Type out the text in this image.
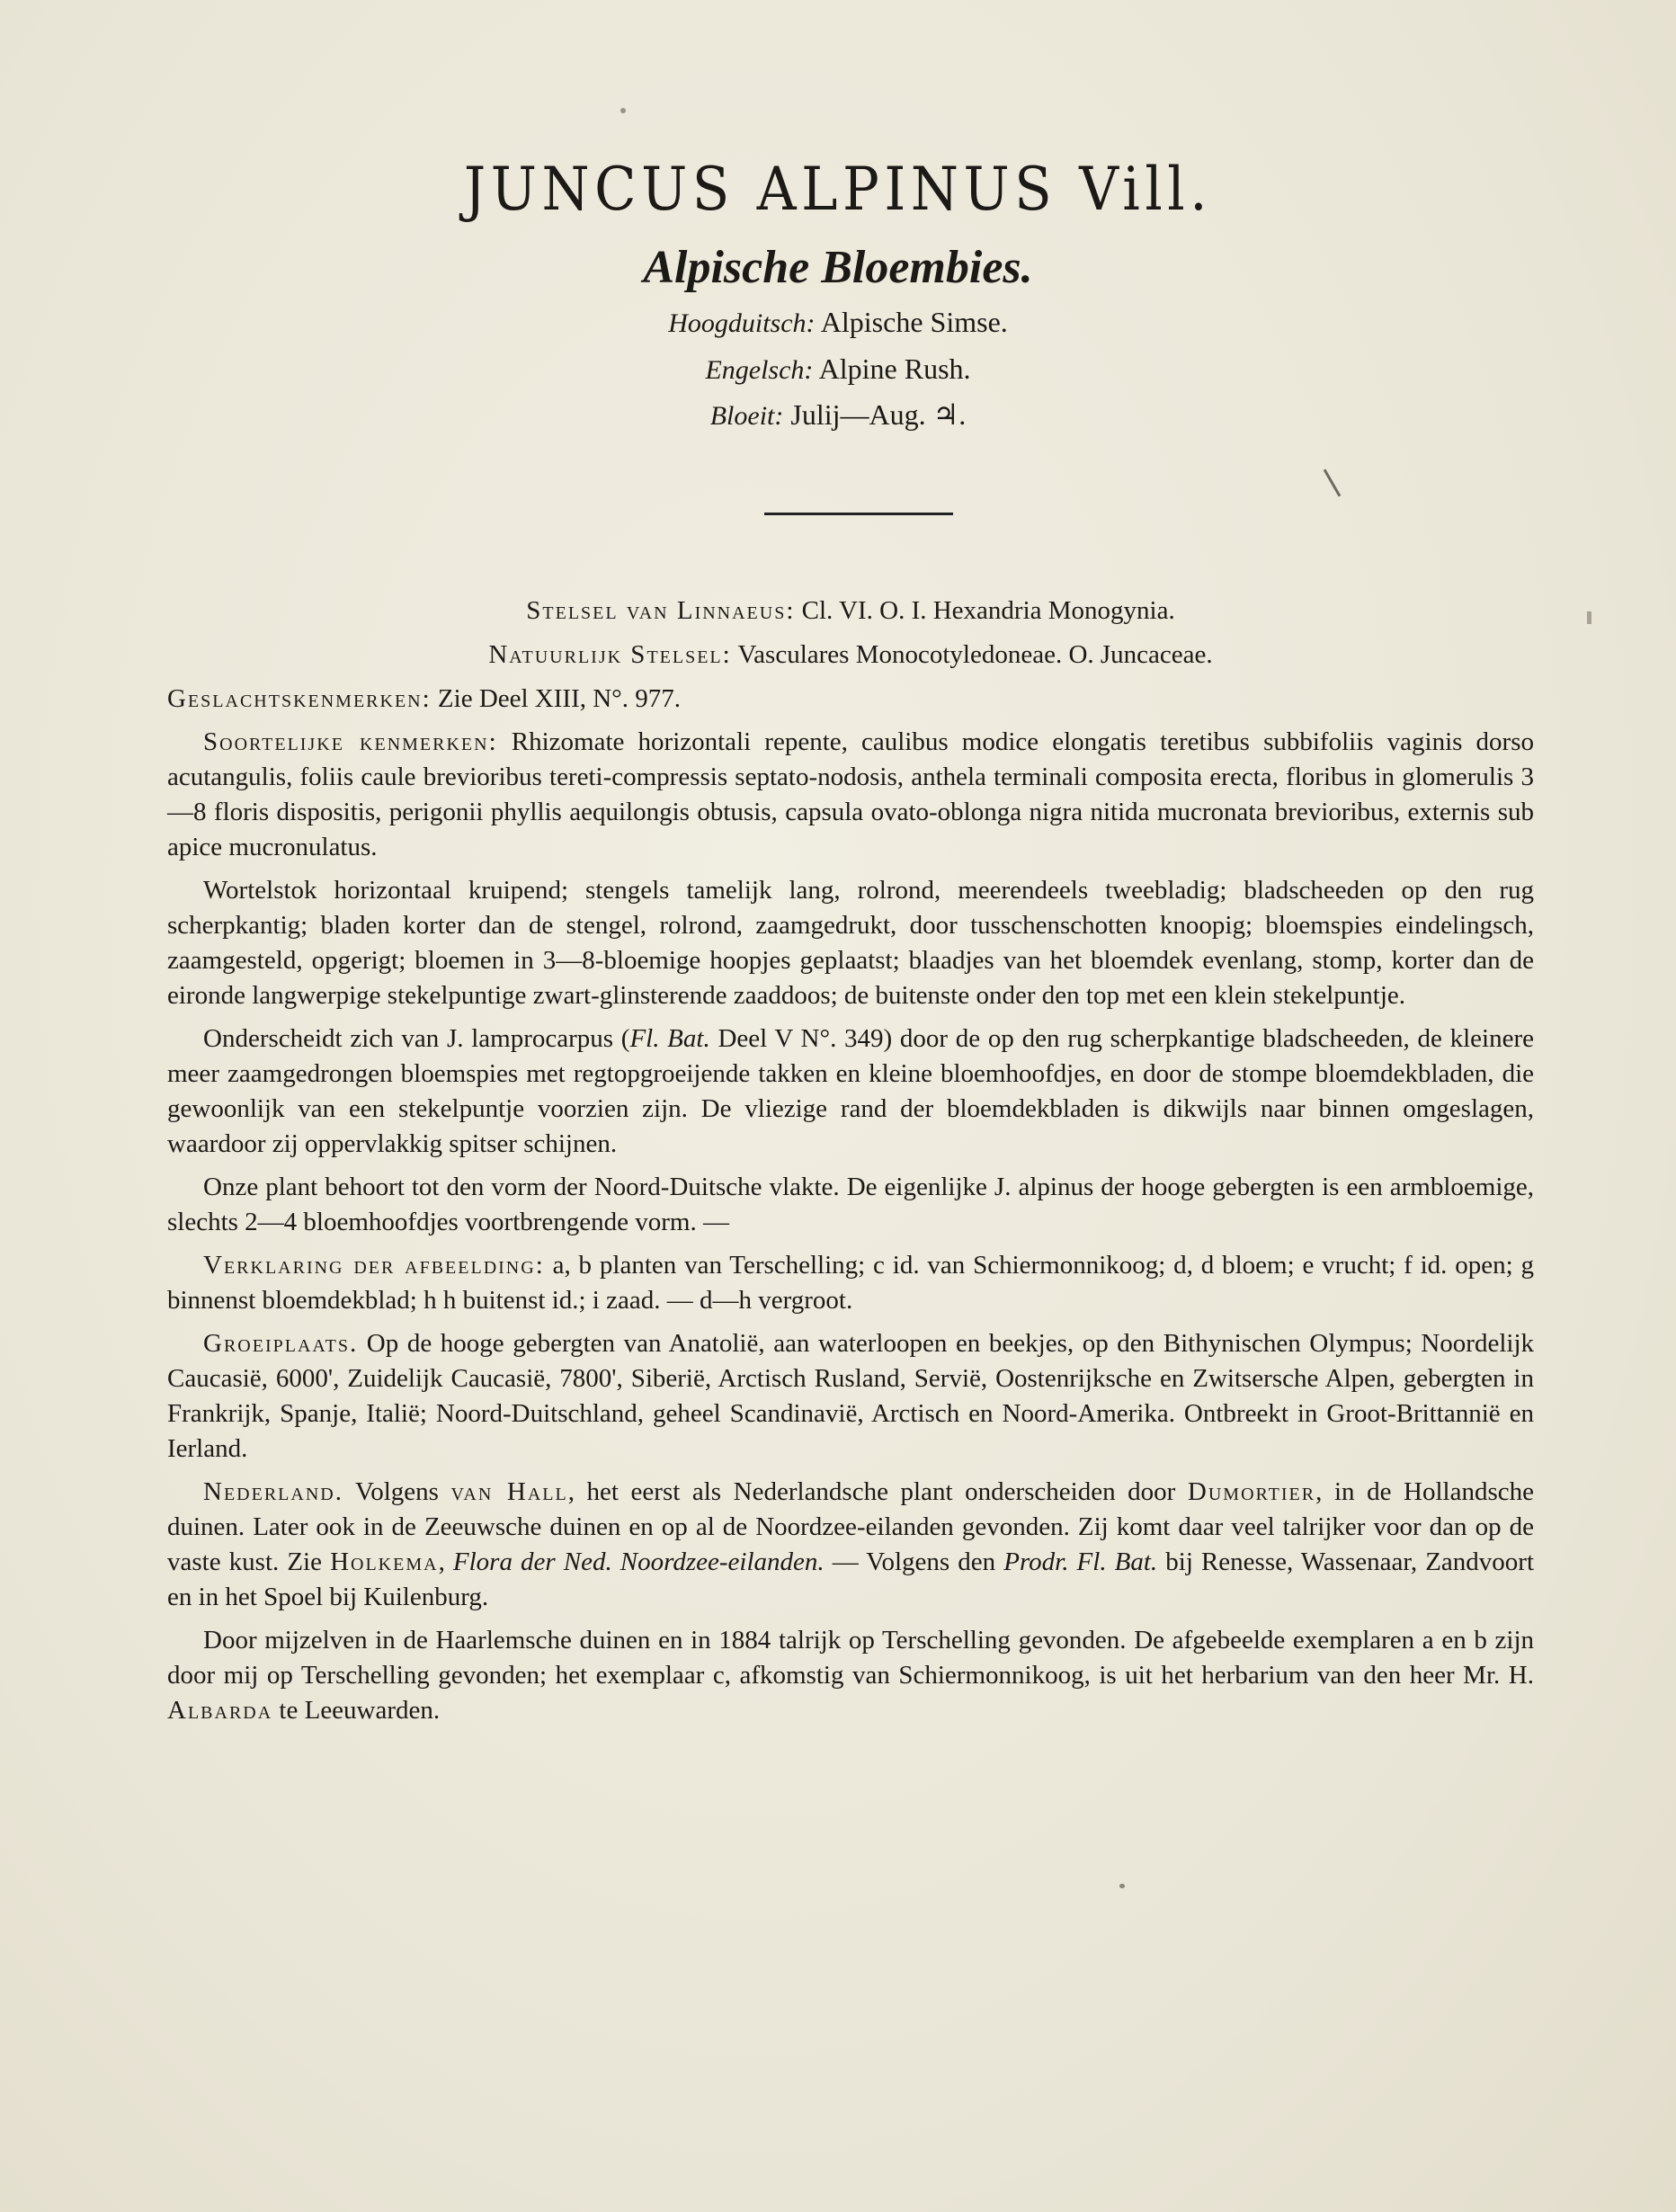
JUNCUS ALPINUS Vill.
Alpische Bloembies.
Hoogduitsch: Alpische Simse.
Engelsch: Alpine Rush.
Bloeit: Julij—Aug. ♃.

Stelsel van Linnaeus: Cl. VI. O. I. Hexandria Monogynia.

Natuurlijk Stelsel: Vasculares Monocotyledoneae. O. Juncaceae.

Geslachtskenmerken: Zie Deel XIII, N°. 977.

Soortelijke kenmerken: Rhizomate horizontali repente, caulibus modice elongatis teretibus subbifoliis vaginis dorso acutangulis, foliis caule brevioribus tereti-compressis septato-nodosis, anthela terminali composita erecta, floribus in glomerulis 3—8 floris dispositis, perigonii phyllis aequilongis obtusis, capsula ovato-oblonga nigra nitida mucronata brevioribus, externis sub apice mucronulatus.

Wortelstok horizontaal kruipend; stengels tamelijk lang, rolrond, meerendeels tweebladig; bladscheeden op den rug scherpkantig; bladen korter dan de stengel, rolrond, zaamgedrukt, door tusschenschotten knoopig; bloemspies eindelingsch, zaamgesteld, opgerigt; bloemen in 3—8-bloemige hoopjes geplaatst; blaadjes van het bloemdek evenlang, stomp, korter dan de eironde langwerpige stekelpuntige zwart-glinsterende zaaddoos; de buitenste onder den top met een klein stekelpuntje.

Onderscheidt zich van J. lamprocarpus (Fl. Bat. Deel V N°. 349) door de op den rug scherpkantige bladscheeden, de kleinere meer zaamgedrongen bloemspies met regtopgroeijende takken en kleine bloemhoofdjes, en door de stompe bloemdekbladen, die gewoonlijk van een stekelpuntje voorzien zijn. De vliezige rand der bloemdekbladen is dikwijls naar binnen omgeslagen, waardoor zij oppervlakkig spitser schijnen.

Onze plant behoort tot den vorm der Noord-Duitsche vlakte. De eigenlijke J. alpinus der hooge gebergten is een armbloemige, slechts 2—4 bloemhoofdjes voortbrengende vorm. —

Verklaring der afbeelding: a, b planten van Terschelling; c id. van Schiermonnikoog; d, d bloem; e vrucht; f id. open; g binnenst bloemdekblad; h h buitenst id.; i zaad. — d—h vergroot.

Groeiplaats. Op de hooge gebergten van Anatolië, aan waterloopen en beekjes, op den Bithynischen Olympus; Noordelijk Caucasië, 6000', Zuidelijk Caucasië, 7800', Siberië, Arctisch Rusland, Servië, Oostenrijksche en Zwitsersche Alpen, gebergten in Frankrijk, Spanje, Italië; Noord-Duitschland, geheel Scandinavië, Arctisch en Noord-Amerika. Ontbreekt in Groot-Brittannië en Ierland.

Nederland. Volgens van Hall, het eerst als Nederlandsche plant onderscheiden door Dumortier, in de Hollandsche duinen. Later ook in de Zeeuwsche duinen en op al de Noordzee-eilanden gevonden. Zij komt daar veel talrijker voor dan op de vaste kust. Zie Holkema, Flora der Ned. Noordzee-eilanden. — Volgens den Prodr. Fl. Bat. bij Renesse, Wassenaar, Zandvoort en in het Spoel bij Kuilenburg.

Door mijzelven in de Haarlemsche duinen en in 1884 talrijk op Terschelling gevonden. De afgebeelde exemplaren a en b zijn door mij op Terschelling gevonden; het exemplaar c, afkomstig van Schiermonnikoog, is uit het herbarium van den heer Mr. H. Albarda te Leeuwarden.
